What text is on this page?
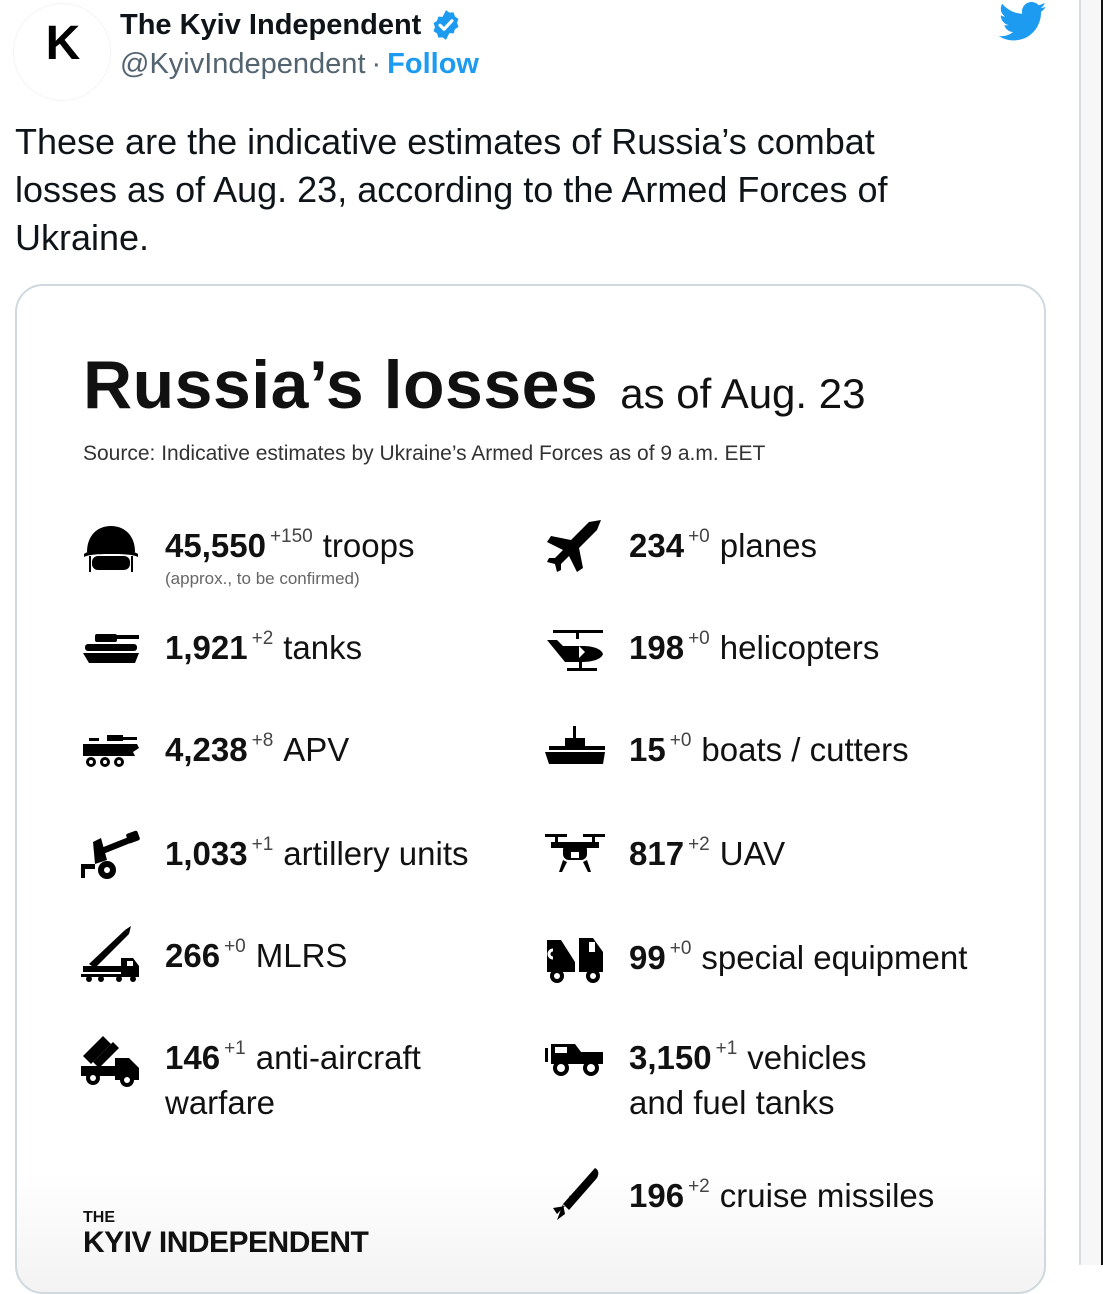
K The Kyiv Independent
@KyivIndependent · Follow
These are the indicative estimates of Russia’s combat losses as of Aug. 23, according to the Armed Forces of Ukraine.
Russia’s losses as of Aug. 23
Source: Indicative estimates by Ukraine’s Armed Forces as of 9 a.m. EET
45,550 $^{+150}$ troops
(approx., to be confirmed)
1,921 $^{+2}$ tanks
4,238 $^{+8}$ APV
1,033 $^{+1}$ artillery units
266 $^{+0}$ MLRS
146 $^{+1}$ anti-aircraft warfare
234 $^{+0}$ planes
198 $^{+0}$ helicopters
15 $^{+0}$ boats / cutters
817 $^{+2}$ UAV
99 $^{+0}$ special equipment
3,150 $^{+1}$ vehicles and fuel tanks
196 $^{+2}$ cruise missiles
THE
KYIV INDEPENDENT
